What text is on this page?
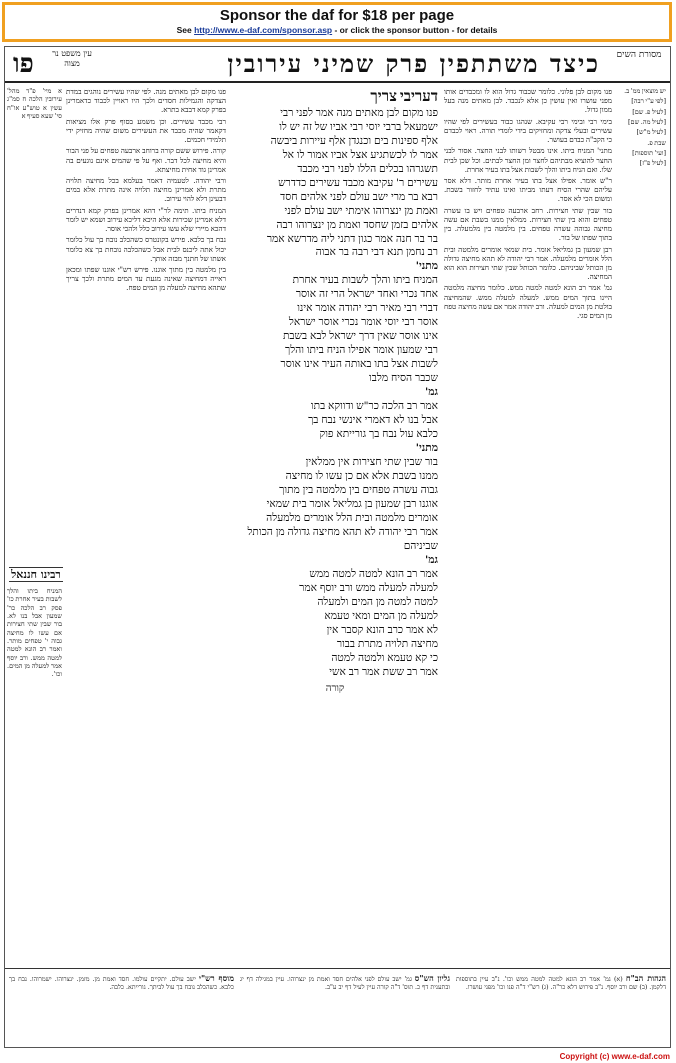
Sponsor the daf for $18 per page
See http://www.e-daf.com/sponsor.asp - or click the sponsor button - for details
מסורת השים
כיצד משתתפין פרק שמיני עירובין
עין משפט נר מצוה
פו

יש מוצאין ממ' ב.

[לפי ע"י רבה]

[לעיל פ. שם]

[לעיל מה. שם]

[לעיל מ"ש]

שבת פ.

[ועי' תוספות]

[לעיל פ"ז]

פנו מקום לבן פלוני. כלומר שכבוד גדול הוא לו ומכבדים אותו מפני עושרו ואין עושין כן אלא לנכבד. לבן מאתים מנה בעל ממון גדול.

בימי רבי ובימי רבי עקיבא. שנהגו כבוד בעשירים לפי שהיו עשירים ובעלי צדקה ומחזיקים בידי לומדי תורה. ראוי לכבדם כי הקב"ה כבדם בעושר.

מתני' המניח ביתו. אינו מבטל רשותו לבני החצר. אסור לבני החצר להוציא מבתיהם לחצר ומן החצר לבתים. וכל שכן לבית שלו. ואם הניח ביתו והלך לשבות אצל בתו בעיר אחרת.

ר"ש אומר. אפילו אצל בתו בעיר אחרת מותר. דלא אסר עליהם שהרי הסיח דעתו מביתו ואינו עתיד לחזור בשבת. ומשום הכי לא אסר.

בור שבין שתי חצירות. רחב ארבעה טפחים ויש בו עשרה טפחים והוא בין שתי חצירות. ממלאין ממנו בשבת אם עשה מחיצה גבוהה עשרה טפחים. בין מלמטה בין מלמעלה. בין בתוך שפתו של בור.

רבן שמעון בן גמליאל אומר. בית שמאי אומרים מלמטה ובית הלל אומרים מלמעלה. אמר רבי יהודה לא תהא מחיצה גדולה מן הכותל שביניהם. כלומר הכותל שבין שתי חצירות הוא הוא המחיצה.

גמ' אמר רב הונא למטה למטה ממש. כלומר מחיצה מלמטה היינו בתוך המים ממש. למעלה למעלה ממש. שהמחיצה בולטת מן המים למעלה. ורב יהודה אמר אם עשה מחיצה טפח מן המים סגי.

דעריבי צריך
פנו מקום לבן מאתים מנה אמר לפני רבי
ישמעאל ברבי יוסי רבי אביו של זה יש לו
אלף ספינות בים וכנגדן אלף עיירות ביבשה
אמר לו לכשתגיע אצל אביו אמור לו אל
תשגרהו בכלים הללו לפני רבי מכבד
עשירים ר' עקיבא מכבד עשירים כדדרש
רבא בר מרי ישב עולם לפני אלהים חסד
ואמת מן ינצרוהו אימתי ישב עולם לפני
אלהים בזמן שחסד ואמת מן ינצרוהו רבה
בר בר חנה אמר כגון דתני ליה מדרשא אמר
רב נחמן תנא דבי רבה בר אבוה
מתני'
המניח ביתו והלך לשבות בעיר אחרת
אחד נכרי ואחד ישראל הרי זה אוסר
דברי רבי מאיר רבי יהודה אומר אינו
אוסר רבי יוסי אומר נכרי אוסר ישראל
אינו אוסר שאין דרך ישראל לבא בשבת
רבי שמעון אומר אפילו הניח ביתו והלך
לשבות אצל בתו באותה העיר אינו אוסר
שכבר הסיח מלבו
גמ'
אמר רב הלכה כר"ש ודווקא בתו
אבל בנו לא דאמרי אינשי נבח בך
כלבא עול נבח בך גורייתא פוק
מתני'
בור שבין שתי חצירות אין ממלאין
ממנו בשבת אלא אם כן עשו לו מחיצה
גבוה עשרה טפחים בין מלמטה בין מתוך
אוגנו רבן שמעון בן גמליאל אומר בית שמאי
אומרים מלמטה ובית הלל אומרים מלמעלה
אמר רבי יהודה לא תהא מחיצה גדולה מן הכותל
שביניהם
גמ'
אמר רב הונא למטה למטה ממש
למעלה למעלה ממש ורב יוסף אמר
למטה למטה מן המים ולמעלה
למעלה מן המים ומאי טעמא
לא אמר כרב הונא קסבר אין
מחיצה תלויה מתרת בבור
כי קא טעמא ולמטה למטה
אמר רב ששת אמר רב אשי
קורה

פנו מקום לבן מאתים מנה. לפי שהיו עשירים נוהגים במדת הצדקה והגמילות חסדים ולכך היו ראויין לכבוד כדאמרינן בפרק קמא דבבא בתרא.

רבי מכבד עשירים. וכן משמע בסוף פרק אלו מציאות דקאמר שהיה מכבד את העשירים משום שהיה מחזיק ידי תלמידי חכמים.

קורה. פירוש ששם קורה ברוחב ארבעה טפחים על פני הבור והיא מחיצה לכל דבר. ואף על פי שהמים אינם נוגעים בה אמרינן גוד אחית מחיצתא.

ורבי יהודה. לטעמיה דאמר בעלמא בכל מחיצה תלויה מתרת ולא אמרינן מחיצה תלויה אינה מתרת אלא במים דבעינן דלא להוי עירוב.

המניח ביתו. תימה לר"י דהא אמרינן בפרק קמא דנדרים דלא אמרינן שכירות אלא היכא דליכא עירוב ושמא יש לומר דהכא מיירי שלא עשו עירוב כלל ולהכי אוסר.

נבח בך כלבא. פירש בקונטרס כשהכלב נובח בך עול כלומר יכול אתה ליכנס לבית אבל כשהכלבה נובחת בך צא כלומר אשתו של חתנך מבזה אותך.

בין מלמטה בין מתוך אוגנו. פירש רש"י אוגנו שפתו ומכאן ראייה דמחיצה שאינה מגעת עד המים מתרת ולכך צריך שתהא מחיצה למעלה מן המים טפח.

א מיי' פ"ד מהל' עירובין הלכה ח סמ"ג עשין א טוש"ע או"ח סי' שעא סעיף א

רבינו חננאל

המניח ביתו והלך לשבות בעיר אחרת כו' פסק רב הלכה כר' שמעון אבל בנו לא. בור שבין שתי חצירות אם עשו לו מחיצה גבוה י' טפחים מותר. ואמר רב הונא למטה למטה ממש. ורב יוסף אמר למעלה מן המים. וכו'.

הגהות הב"ח (א) גמ' אמר רב הונא למטה למטה ממש וכו'. נ"ב עיין בתוספות דלקמן. (ב) שם ורב יוסף. נ"ב פירוש דלא כר"ה. (ג) רש"י ד"ה פנו וכו' מפני עושרו.
גליון הש"ס גמ' ישב עולם לפני אלהים חסד ואמת מן ינצרוהו. עיין במגילה דף יג ובתענית דף כ. תוס' ד"ה קורה עיין לעיל דף יב ע"ב.
מוסף רש"י ישב עולם. יתקיים עולמו. חסד ואמת מן. מזמן. ינצרוהו. ישמרוהו. נבח בך כלבא. כשהכלב נובח בך עול לביתך. גורייתא. כלבה.
Copyright (c) www.e-daf.com
